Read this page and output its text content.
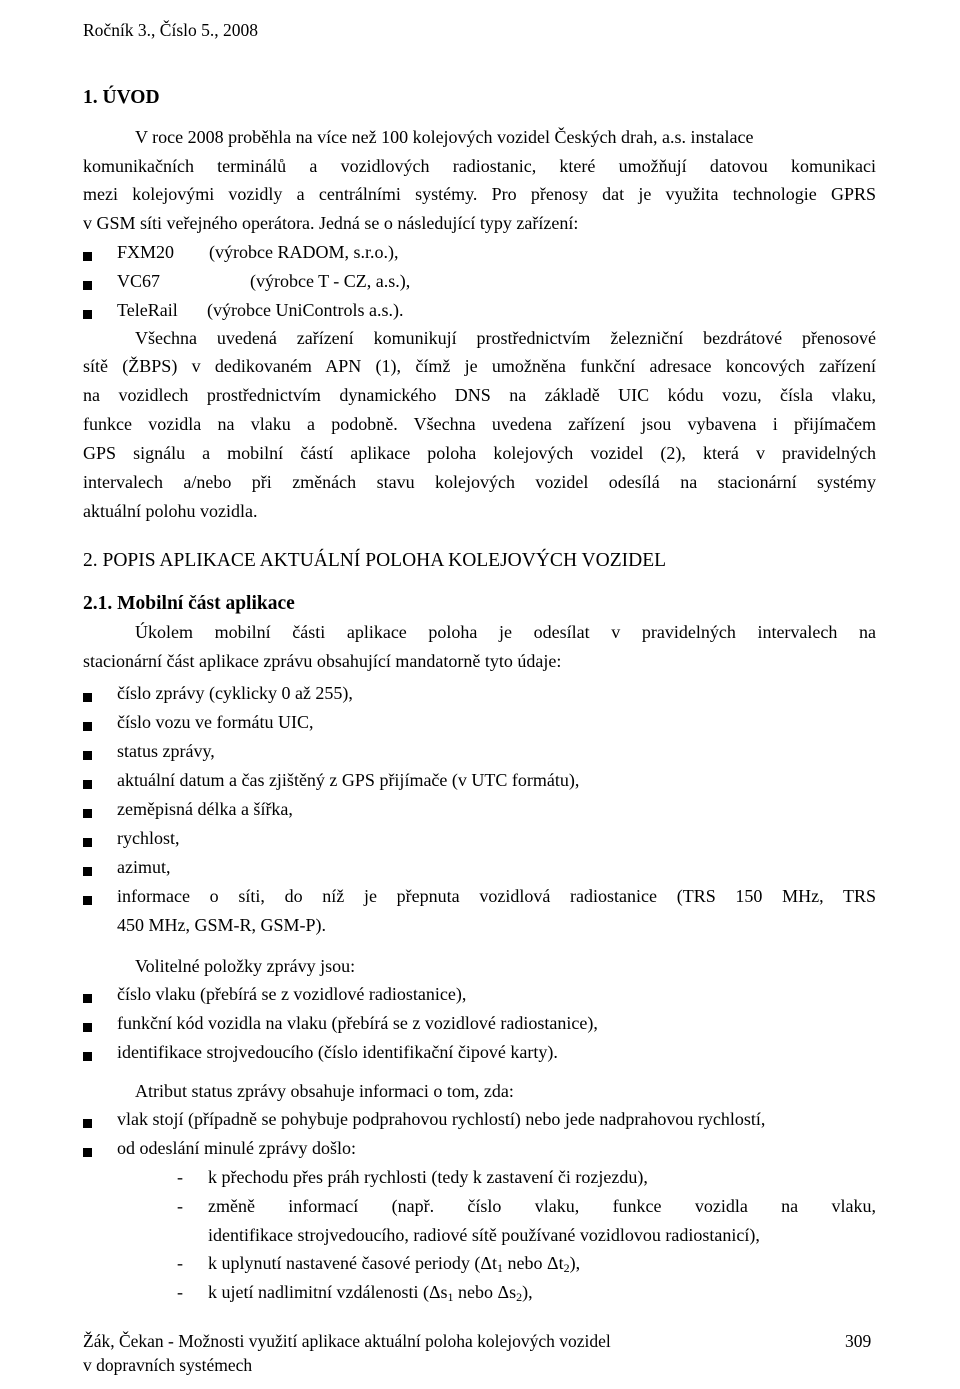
Ročník 3., Číslo 5., 2008
1. ÚVOD
V roce 2008 proběhla na více než 100 kolejových vozidel Českých drah, a.s. instalace
komunikačních terminálů a vozidlových radiostanic, které umožňují datovou komunikaci
mezi kolejovými vozidly a centrálními systémy. Pro přenosy dat je využita technologie GPRS
v GSM síti veřejného operátora. Jedná se o následující typy zařízení:
FXM20 (výrobce RADOM, s.r.o.),
VC67	(výrobce T - CZ, a.s.),
TeleRail (výrobce UniControls a.s.).
Všechna uvedená zařízení komunikují prostřednictvím železniční bezdrátové přenosové
sítě (ŽBPS) v dedikovaném APN (1), čímž je umožněna funkční adresace koncových zařízení
na vozidlech prostřednictvím dynamického DNS na základě UIC kódu vozu, čísla vlaku,
funkce vozidla na vlaku a podobně. Všechna uvedena zařízení jsou vybavena i přijímačem
GPS signálu a mobilní částí aplikace poloha kolejových vozidel (2), která v pravidelných
intervalech a/nebo při změnách stavu kolejových vozidel odesílá na stacionární systémy
aktuální polohu vozidla.
2. POPIS APLIKACE AKTUÁLNÍ POLOHA KOLEJOVÝCH VOZIDEL
2.1. Mobilní část aplikace
Úkolem mobilní části aplikace poloha je odesílat v pravidelných intervalech na
stacionární část aplikace zprávu obsahující mandatorně tyto údaje:
číslo zprávy (cyklicky 0 až 255),
číslo vozu ve formátu UIC,
status zprávy,
aktuální datum a čas zjištěný z GPS přijímače (v UTC formátu),
zeměpisná délka a šířka,
rychlost,
azimut,
informace o síti, do níž je přepnuta vozidlová radiostanice (TRS 150 MHz, TRS
450 MHz, GSM-R, GSM-P).
Volitelné položky zprávy jsou:
číslo vlaku (přebírá se z vozidlové radiostanice),
funkční kód vozidla na vlaku (přebírá se z vozidlové radiostanice),
identifikace strojvedoucího (číslo identifikační čipové karty).
Atribut status zprávy obsahuje informaci o tom, zda:
vlak stojí (případně se pohybuje podprahovou rychlostí) nebo jede nadprahovou rychlostí,
od odeslání minulé zprávy došlo:
- k přechodu přes práh rychlosti (tedy k zastavení či rozjezdu),
- změně informací (např. číslo vlaku, funkce vozidla na vlaku,
identifikace strojvedoucího, radiové sítě používané vozidlovou radiostanicí),
- k uplynutí nastavené časové periody ($\Delta t_1$ nebo $\Delta t_2$),
- k ujetí nadlimitní vzdálenosti ($\Delta s_1$ nebo $\Delta s_2$),
Žák, Čekan - Možnosti využití aplikace aktuální poloha kolejových vozidel
v dopravních systémech
309
